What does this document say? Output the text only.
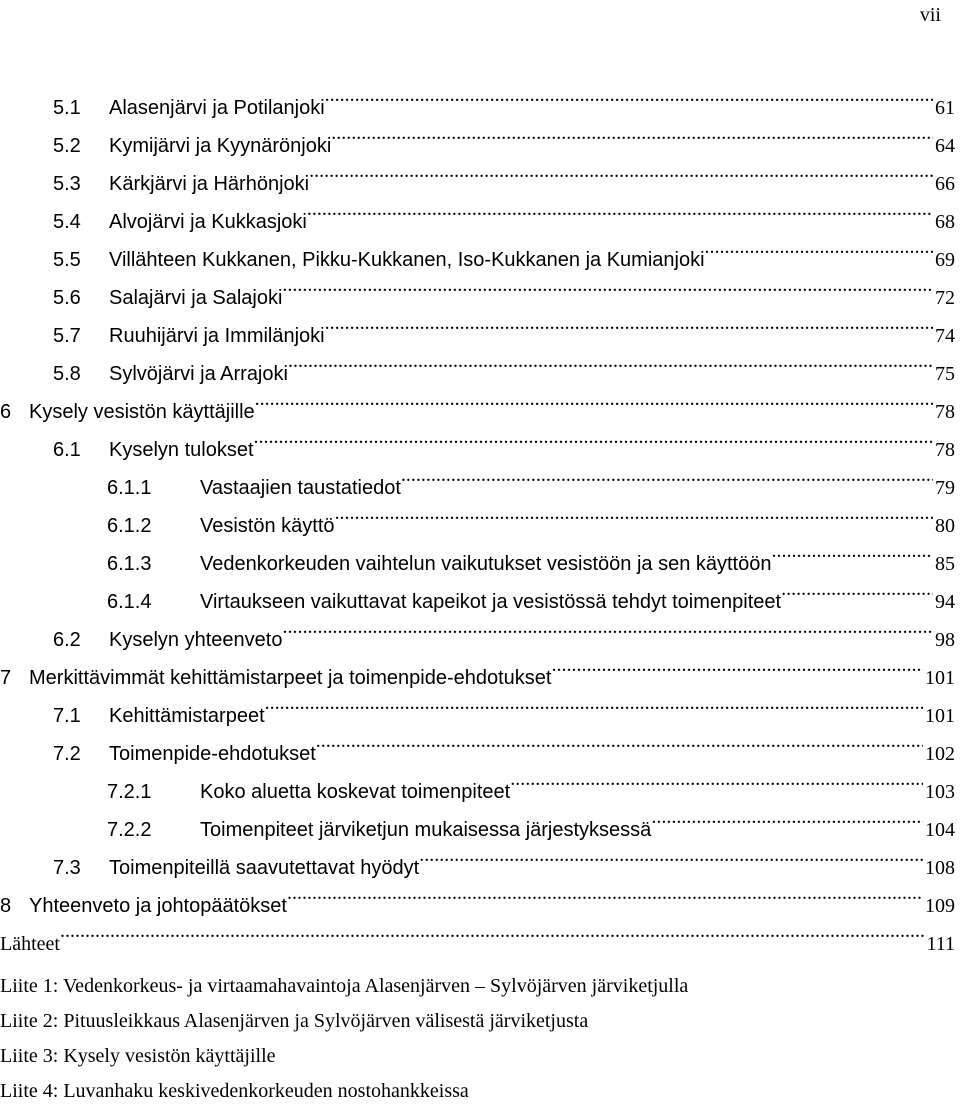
vii
5.1	Alasenjärvi ja Potilanjoki .....	61
5.2	Kymijärvi ja Kyynärönjoki .....	64
5.3	Kärkjärvi ja Härhönjoki .....	66
5.4	Alvojärvi ja Kukkasjoki .....	68
5.5	Villähteen Kukkanen, Pikku-Kukkanen, Iso-Kukkanen ja Kumianjoki .....	69
5.6	Salajärvi ja Salajoki .....	72
5.7	Ruuhijärvi ja Immilänjoki .....	74
5.8	Sylvöjärvi ja Arrajoki .....	75
6 Kysely vesistön käyttäjille .....	78
6.1	Kyselyn tulokset .....	78
6.1.1	Vastaajien taustatiedot .....	79
6.1.2	Vesistön käyttö .....	80
6.1.3	Vedenkorkeuden vaihtelun vaikutukset vesistöön ja sen käyttöön .....	85
6.1.4	Virtaukseen vaikuttavat kapeikot ja vesistössä tehdyt toimenpiteet .....	94
6.2	Kyselyn yhteenveto .....	98
7 Merkittävimmät kehittämistarpeet ja toimenpide-ehdotukset .....	101
7.1	Kehittämistarpeet .....	101
7.2	Toimenpide-ehdotukset .....	102
7.2.1	Koko aluetta koskevat toimenpiteet .....	103
7.2.2	Toimenpiteet järviketjun mukaisessa järjestyksessä .....	104
7.3	Toimenpiteillä saavutettavat hyödyt .....	108
8 Yhteenveto ja johtopäätökset .....	109
Lähteet .....	111
Liite 1: Vedenkorkeus- ja virtaamahavaintoja Alasenjärven – Sylvöjärven järviketjulla
Liite 2: Pituusleikkaus Alasenjärven ja Sylvöjärven välisestä järviketjusta
Liite 3: Kysely vesistön käyttäjille
Liite 4: Luvanhaku keskivedenkorkeuden nostohankkeissa
